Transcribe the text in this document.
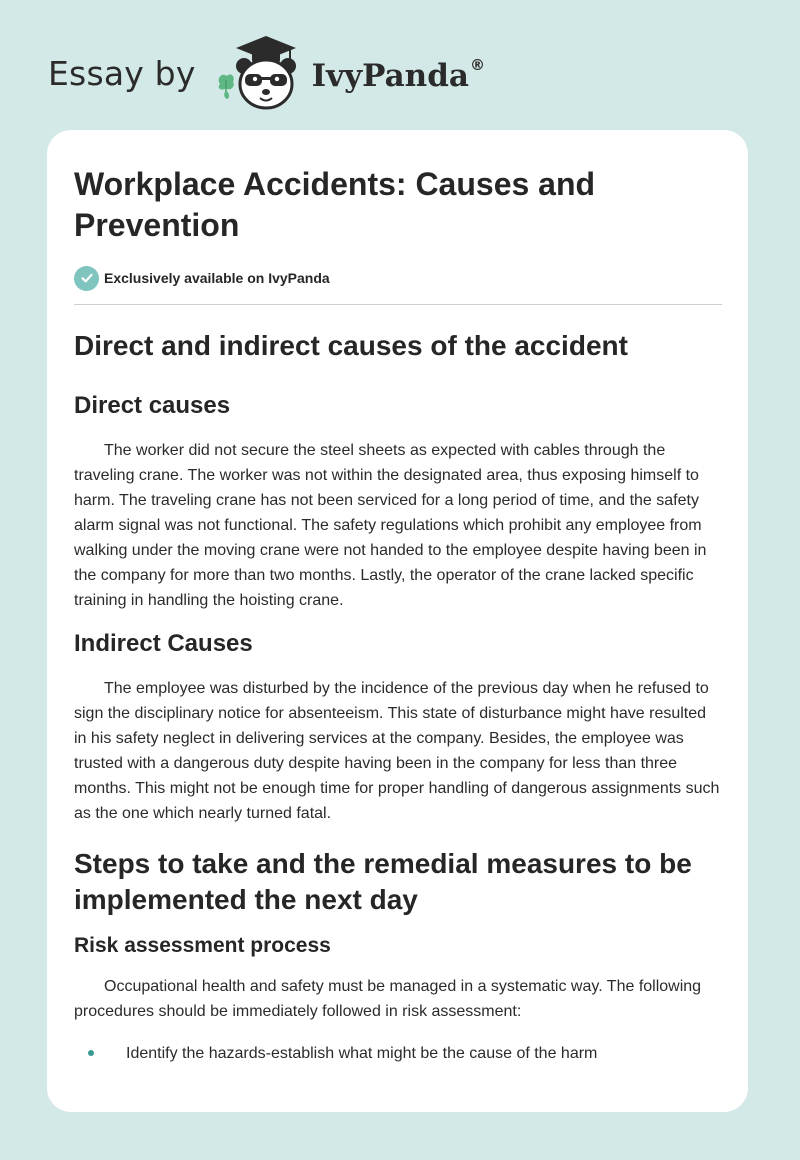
Essay by	IvyPanda®
Workplace Accidents: Causes and Prevention
Exclusively available on IvyPanda
Direct and indirect causes of the accident
Direct causes

The worker did not secure the steel sheets as expected with cables through the traveling crane. The worker was not within the designated area, thus exposing himself to harm. The traveling crane has not been serviced for a long period of time, and the safety alarm signal was not functional. The safety regulations which prohibit any employee from walking under the moving crane were not handed to the employee despite having been in the company for more than two months. Lastly, the operator of the crane lacked specific training in handling the hoisting crane.

Indirect Causes

The employee was disturbed by the incidence of the previous day when he refused to sign the disciplinary notice for absenteeism. This state of disturbance might have resulted in his safety neglect in delivering services at the company. Besides, the employee was trusted with a dangerous duty despite having been in the company for less than three months. This might not be enough time for proper handling of dangerous assignments such as the one which nearly turned fatal.

Steps to take and the remedial measures to be implemented the next day
Risk assessment process

Occupational health and safety must be managed in a systematic way. The following procedures should be immediately followed in risk assessment:

Identify the hazards-establish what might be the cause of the harm
